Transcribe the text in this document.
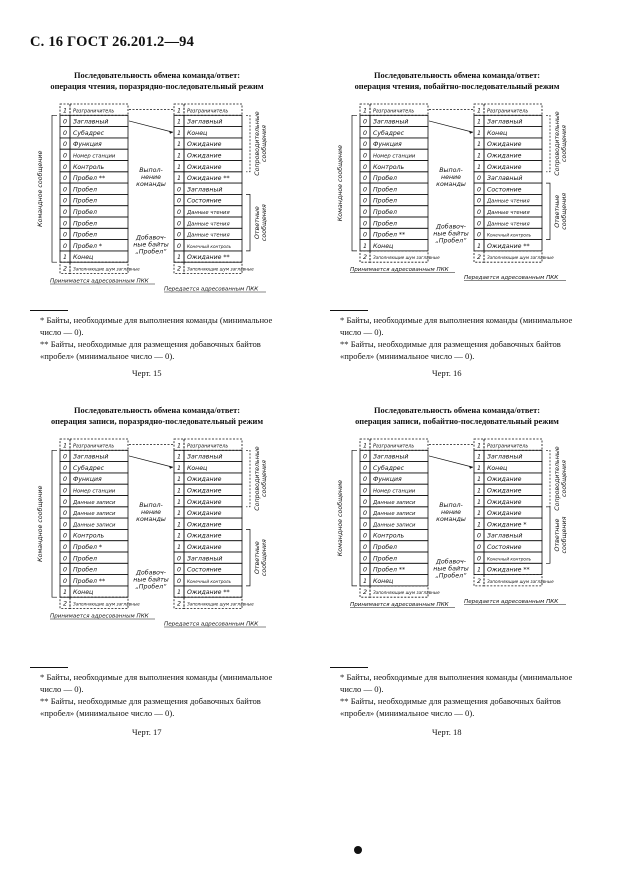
С. 16 ГОСТ 26.201.2—94
Последовательность обмена команда/ответ:
операция чтения, поразрядно-последовательный режим
1 Разграничитель
0 Заглавный
0 Субадрес
0 Функция
0 Номер станции
0 Контроль
0 Пробел **
0 Пробел
0 Пробел
0 Пробел
0 Пробел
0 Пробел
0 Пробел *
1 Конец
2 Заполняющие шум заглавные
1 Разграничитель
1 Заглавный
1 Конец
1 Ожидание
1 Ожидание
1 Ожидание
1 Ожидание **
0 Заглавный
0 Состояние
0 Данные чтения
0 Данные чтения
0 Данные чтения
0 Конечный контроль
1 Ожидание **
2 Заполняющие шум заглавные
Командное сообщение	Выпол-нение команды
Добавоч-ные байты „Пробел“
Сопроводительныесообщения
Ответныесообщения
Принимается адресованным ПКК
Передается адресованным ПКК
* Байты, необходимые для выполнения команды (минимальное число — 0).
** Байты, необходимые для размещения добавочных байтов «пробел» (минимальное число — 0).
Черт. 15
Последовательность обмена команда/ответ:
операция чтения, побайтно-последовательный режим
1 Разграничитель
0 Заглавный
0 Субадрес
0 Функция
0 Номер станции
0 Контроль
0 Пробел
0 Пробел
0 Пробел
0 Пробел
0 Пробел
0 Пробел **
1 Конец
2 Заполняющие шум заглавные
1 Разграничитель
1 Заглавный
1 Конец
1 Ожидание
1 Ожидание
1 Ожидание
0 Заглавный
0 Состояние
0 Данные чтения
0 Данные чтения
0 Данные чтения
0 Конечный контроль
1 Ожидание **
2 Заполняющие шум заглавные
Командное сообщение	Выпол-нение команды
Добавоч-ные байты „Пробел“
Сопроводительныесообщения
Ответныесообщения
Принимается адресованным ПКК
Передается адресованным ПКК
* Байты, необходимые для выполнения команды (минимальное число — 0).
** Байты, необходимые для размещения добавочных байтов «пробел» (минимальное число — 0).
Черт. 16
Последовательность обмена команда/ответ:
операция записи, поразрядно-последовательный режим
1 Разграничитель
0 Заглавный
0 Субадрес
0 Функция
0 Номер станции
0 Данные записи
0 Данные записи
0 Данные записи
0 Контроль
0 Пробел *
0 Пробел
0 Пробел
0 Пробел **
1 Конец
2 Заполняющие шум заглавные
1 Разграничитель
1 Заглавный
1 Конец
1 Ожидание
1 Ожидание
1 Ожидание
1 Ожидание
1 Ожидание
1 Ожидание
1 Ожидание
0 Заглавный
0 Состояние
0 Конечный контроль
1 Ожидание **
2 Заполняющие шум заглавные
Командное сообщение	Выпол-нение команды
Добавоч-ные байты „Пробел“
Сопроводительныесообщения
Ответныесообщения
Принимается адресованным ПКК
Передается адресованным ПКК
* Байты, необходимые для выполнения команды (минимальное число — 0).
** Байты, необходимые для размещения добавочных байтов «пробел» (минимальное число — 0).
Черт. 17
Последовательность обмена команда/ответ:
операция записи, побайтно-последовательный режим
1 Разграничитель
0 Заглавный
0 Субадрес
0 Функция
0 Номер станции
0 Данные записи
0 Данные записи
0 Данные записи
0 Контроль
0 Пробел
0 Пробел
0 Пробел **
1 Конец
2 Заполняющие шум заглавные
1 Разграничитель
1 Заглавный
1 Конец
1 Ожидание
1 Ожидание
1 Ожидание
1 Ожидание
1 Ожидание *
0 Заглавный
0 Состояние
0 Конечный контроль
1 Ожидание **
2 Заполняющие шум заглавные
Командное сообщение	Выпол-нение команды
Добавоч-ные байты „Пробел“
Сопроводительныесообщения
Ответныесообщения
Принимается адресованным ПКК
Передается адресованным ПКК
* Байты, необходимые для выполнения команды (минимальное число — 0).
** Байты, необходимые для размещения добавочных байтов «пробел» (минимальное число — 0).
Черт. 18
